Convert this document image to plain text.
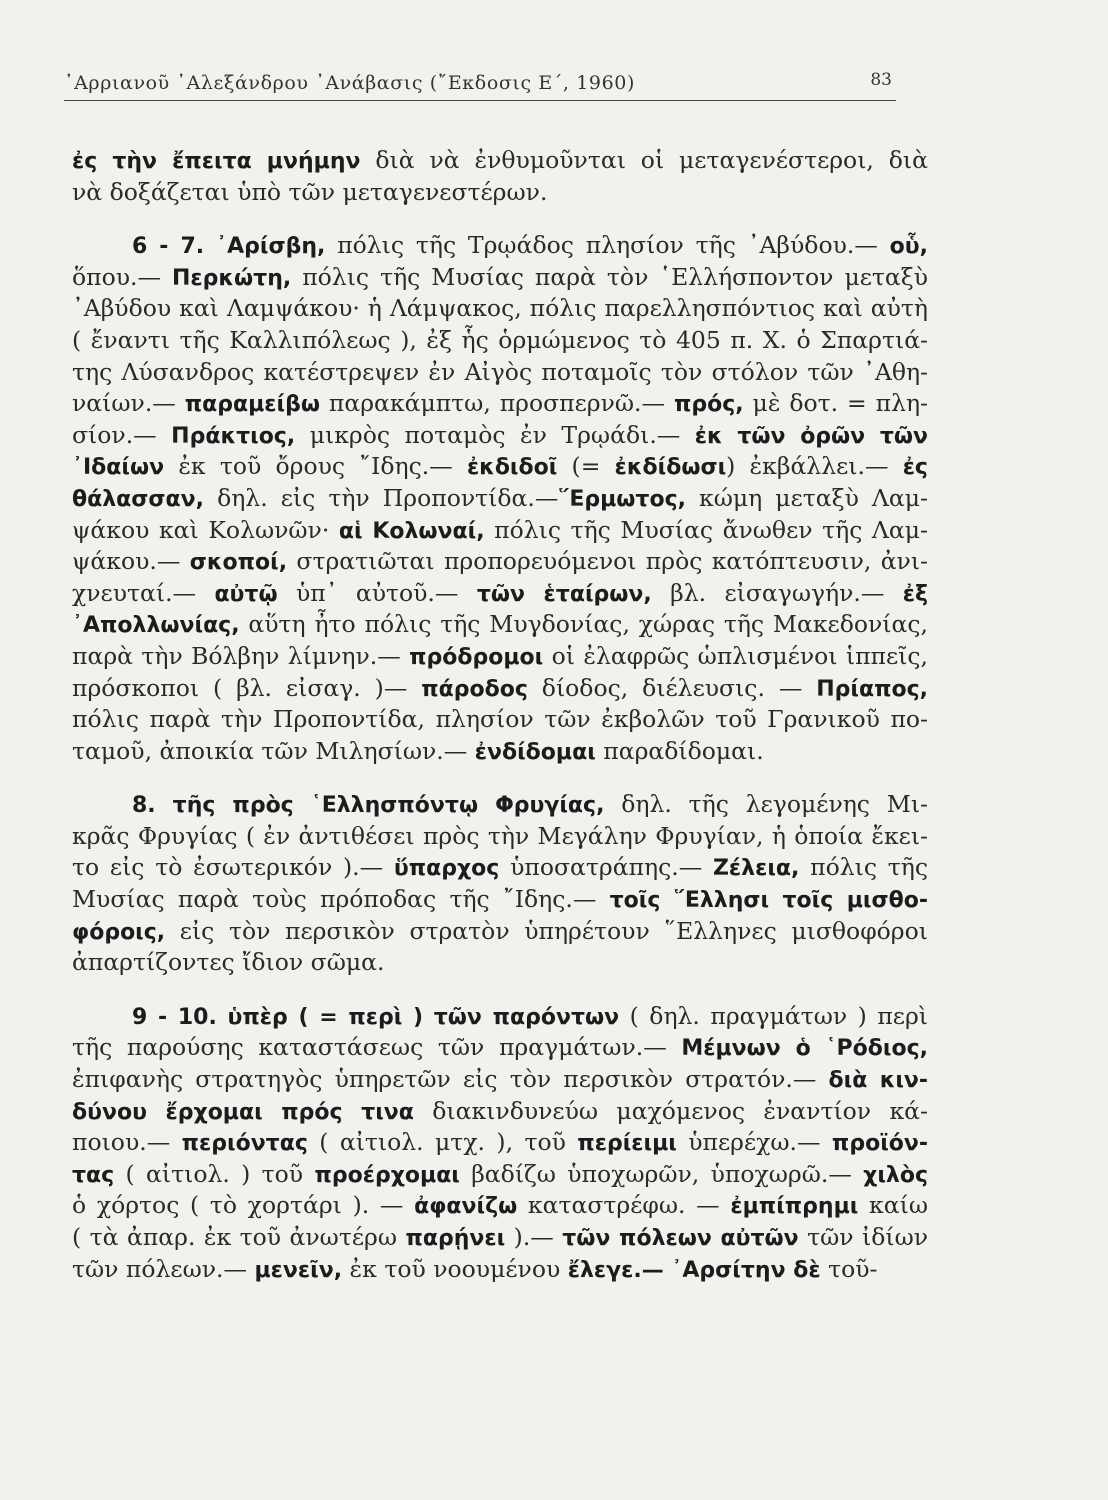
᾿Αρριανοῦ ᾿Αλεξάνδρου ᾿Ανάβασις (῎Εκδοσις Ε΄, 1960)	83
ἐς τὴν ἔπειτα μνήμην διὰ νὰ ἐνθυμοῦνται οἱ μεταγενέστεροι, διὰ
νὰ δοξάζεται ὑπὸ τῶν μεταγενεστέρων.
6 - 7. ᾿Αρίσβη, πόλις τῆς Τρῳάδος πλησίον τῆς ᾿Αβύδου.— οὗ,
ὅπου.— Περκώτη, πόλις τῆς Μυσίας παρὰ τὸν ῾Ελλήσποντον μεταξὺ
᾿Αβύδου καὶ Λαμψάκου· ἡ Λάμψακος, πόλις παρελλησπόντιος καὶ αὐτὴ
( ἔναντι τῆς Καλλιπόλεως ), ἐξ ἧς ὁρμώμενος τὸ 405 π. Χ. ὁ Σπαρτιά-
της Λύσανδρος κατέστρεψεν ἐν Αἰγὸς ποταμοῖς τὸν στόλον τῶν ᾿Αθη-
ναίων.— παραμείβω παρακάμπτω, προσπερνῶ.— πρός, μὲ δοτ. = πλη-
σίον.— Πράκτιος, μικρὸς ποταμὸς ἐν Τρῳάδι.— ἐκ τῶν ὀρῶν τῶν
᾿Ιδαίων ἐκ τοῦ ὄρους ῎Ιδης.— ἐκδιδοῖ (= ἐκδίδωσι) ἐκβάλλει.— ἐς
θάλασσαν, δηλ. εἰς τὴν Προποντίδα.—῞Ερμωτος, κώμη μεταξὺ Λαμ-
ψάκου καὶ Κολωνῶν· αἱ Κολωναί, πόλις τῆς Μυσίας ἄνωθεν τῆς Λαμ-
ψάκου.— σκοποί, στρατιῶται προπορευόμενοι πρὸς κατόπτευσιν, ἀνι-
χνευταί.— αὐτῷ ὑπ᾿ αὐτοῦ.— τῶν ἑταίρων, βλ. εἰσαγωγήν.— ἐξ
᾿Απολλωνίας, αὕτη ἦτο πόλις τῆς Μυγδονίας, χώρας τῆς Μακεδονίας,
παρὰ τὴν Βόλβην λίμνην.— πρόδρομοι οἱ ἐλαφρῶς ὡπλισμένοι ἱππεῖς,
πρόσκοποι ( βλ. εἰσαγ. )— πάροδος δίοδος, διέλευσις. — Πρίαπος,
πόλις παρὰ τὴν Προποντίδα, πλησίον τῶν ἐκβολῶν τοῦ Γρανικοῦ πο-
ταμοῦ, ἀποικία τῶν Μιλησίων.— ἐνδίδομαι παραδίδομαι.
8. τῆς πρὸς ῾Ελλησπόντῳ Φρυγίας, δηλ. τῆς λεγομένης Μι-
κρᾶς Φρυγίας ( ἐν ἀντιθέσει πρὸς τὴν Μεγάλην Φρυγίαν, ἡ ὁποία ἔκει-
το εἰς τὸ ἐσωτερικόν ).— ὕπαρχος ὑποσατράπης.— Ζέλεια, πόλις τῆς
Μυσίας παρὰ τοὺς πρόποδας τῆς ῎Ιδης.— τοῖς ῞Ελλησι τοῖς μισθο-
φόροις, εἰς τὸν περσικὸν στρατὸν ὑπηρέτουν ῞Ελληνες μισθοφόροι
ἀπαρτίζοντες ἴδιον σῶμα.
9 - 10. ὑπὲρ ( = περὶ ) τῶν παρόντων ( δηλ. πραγμάτων ) περὶ
τῆς παρούσης καταστάσεως τῶν πραγμάτων.— Μέμνων ὁ ῾Ρόδιος,
ἐπιφανὴς στρατηγὸς ὑπηρετῶν εἰς τὸν περσικὸν στρατόν.— διὰ κιν-
δύνου ἔρχομαι πρός τινα διακινδυνεύω μαχόμενος ἐναντίον κά-
ποιου.— περιόντας ( αἰτιολ. μτχ. ), τοῦ περίειμι ὑπερέχω.— προϊόν-
τας ( αἰτιολ. ) τοῦ προέρχομαι βαδίζω ὑποχωρῶν, ὑποχωρῶ.— χιλὸς
ὁ χόρτος ( τὸ χορτάρι ). — ἀφανίζω καταστρέφω. — ἐμπίπρημι καίω
( τὰ ἀπαρ. ἐκ τοῦ ἀνωτέρω παρῄνει ).— τῶν πόλεων αὐτῶν τῶν ἰδίων
τῶν πόλεων.— μενεῖν, ἐκ τοῦ νοουμένου ἔλεγε.— ᾿Αρσίτην δὲ τοῦ-
